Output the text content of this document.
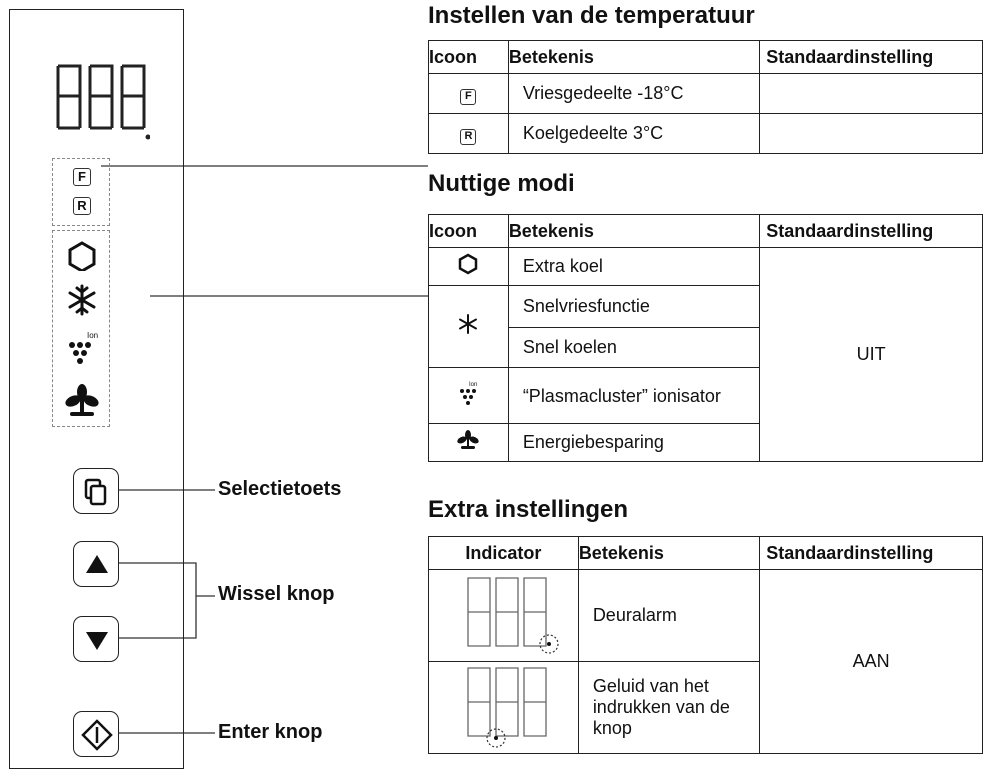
F
R
Ion
Selectietoets
Wissel knop
Enter knop
Instellen van de temperatuur
Icoon	Betekenis	Standaardinstelling
F	Vriesgedeelte -18°C	
R	Koelgedeelte 3°C	
Nuttige modi
Icoon	Betekenis	Standaardinstelling
	Extra koel	UIT
	Snelvriesfunctie	
	Snel koelen	

Ion	“Plasmacluster” ionisator	
	Energiebesparing	
Extra instellingen
Indicator	Betekenis	Standaardinstelling
	Deuralarm	AAN
	Geluid van het indrukken van de knop	
